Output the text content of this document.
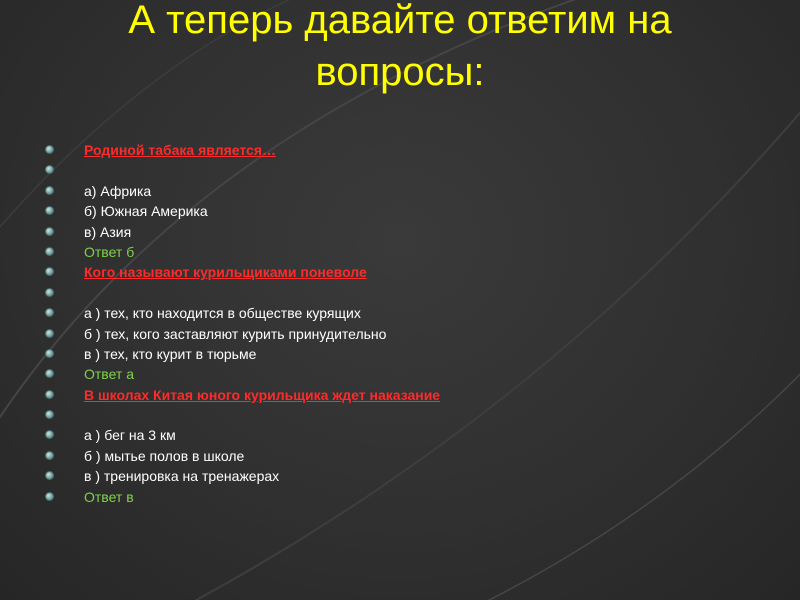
А теперь давайте ответим на
вопросы:
Родиной табака является…
а) Африка
б) Южная Америка
в) Азия
Ответ б
Кого называют курильщиками поневоле
а ) тех, кто находится в обществе курящих
б ) тех, кого заставляют курить принудительно
в ) тех, кто курит в тюрьме
Ответ а
В школах Китая юного курильщика ждет наказание
а ) бег на 3 км
б ) мытье полов в школе
в ) тренировка на тренажерах
Ответ в
